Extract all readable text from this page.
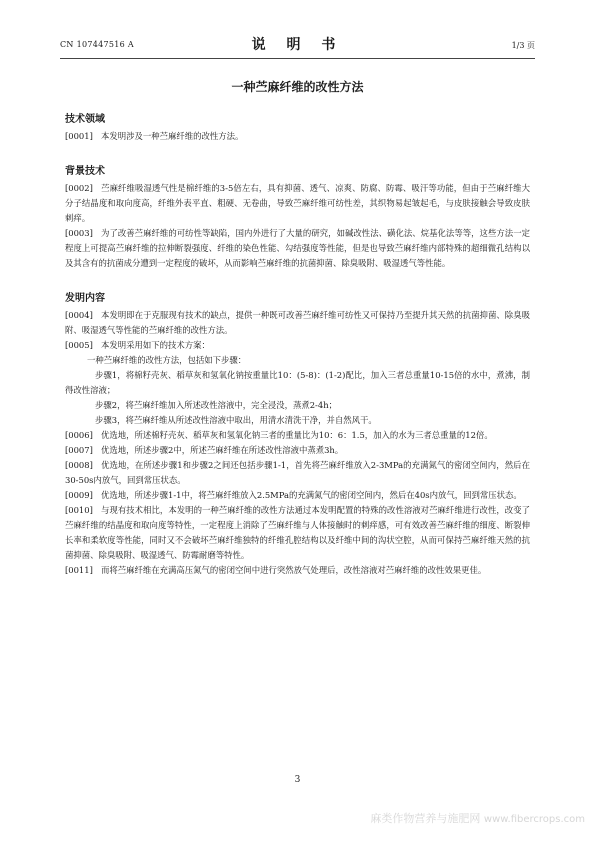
CN 107447516 A	说 明 书	1/3 页
一种苎麻纤维的改性方法
技术领域

[0001] 本发明涉及一种苎麻纤维的改性方法。

背景技术

[0002] 苎麻纤维吸湿透气性是棉纤维的3-5倍左右，具有抑菌、透气、凉爽、防腐、防霉、吸汗等功能，但由于苎麻纤维大分子结晶度和取向度高，纤维外表平直、粗硬、无卷曲，导致苎麻纤维可纺性差，其织物易起皱起毛，与皮肤接触会导致皮肤刺痒。

[0003] 为了改善苎麻纤维的可纺性等缺陷，国内外进行了大量的研究，如碱改性法、磺化法、烷基化法等等，这些方法一定程度上可提高苎麻纤维的拉伸断裂强度、纤维的染色性能、勾结强度等性能，但是也导致苎麻纤维内部特殊的超细微孔结构以及其含有的抗菌成分遭到一定程度的破坏，从而影响苎麻纤维的抗菌抑菌、除臭吸附、吸湿透气等性能。

发明内容

[0004] 本发明即在于克服现有技术的缺点，提供一种既可改善苎麻纤维可纺性又可保持乃至提升其天然的抗菌抑菌、除臭吸附、吸湿透气等性能的苎麻纤维的改性方法。

[0005] 本发明采用如下的技术方案：

一种苎麻纤维的改性方法，包括如下步骤：

步骤1，将棉籽壳灰、稻草灰和氢氧化钠按重量比10：(5-8)：(1-2)配比，加入三者总重量10-15倍的水中，煮沸，制得改性溶液；

步骤2，将苎麻纤维加入所述改性溶液中，完全浸没，蒸煮2-4h；

步骤3，将苎麻纤维从所述改性溶液中取出，用清水清洗干净，并自然风干。

[0006] 优选地，所述棉籽壳灰、稻草灰和氢氧化钠三者的重量比为10：6：1.5，加入的水为三者总重量的12倍。

[0007] 优选地，所述步骤2中，所述苎麻纤维在所述改性溶液中蒸煮3h。

[0008] 优选地，在所述步骤1和步骤2之间还包括步骤1-1，首先将苎麻纤维放入2-3MPa的充满氮气的密闭空间内，然后在30-50s内放气，回到常压状态。

[0009] 优选地，所述步骤1-1中，将苎麻纤维放入2.5MPa的充满氮气的密闭空间内，然后在40s内放气，回到常压状态。

[0010] 与现有技术相比，本发明的一种苎麻纤维的改性方法通过本发明配置的特殊的改性溶液对苎麻纤维进行改性，改变了苎麻纤维的结晶度和取向度等特性，一定程度上消除了苎麻纤维与人体接触时的刺痒感，可有效改善苎麻纤维的细度、断裂伸长率和柔软度等性能，同时又不会破坏苎麻纤维独特的纤维孔腔结构以及纤维中间的沟状空腔，从而可保持苎麻纤维天然的抗菌抑菌、除臭吸附、吸湿透气、防霉耐磨等特性。

[0011] 而将苎麻纤维在充满高压氮气的密闭空间中进行突然放气处理后，改性溶液对苎麻纤维的改性效果更佳。

3
麻类作物营养与施肥网 www.fibercrops.com
